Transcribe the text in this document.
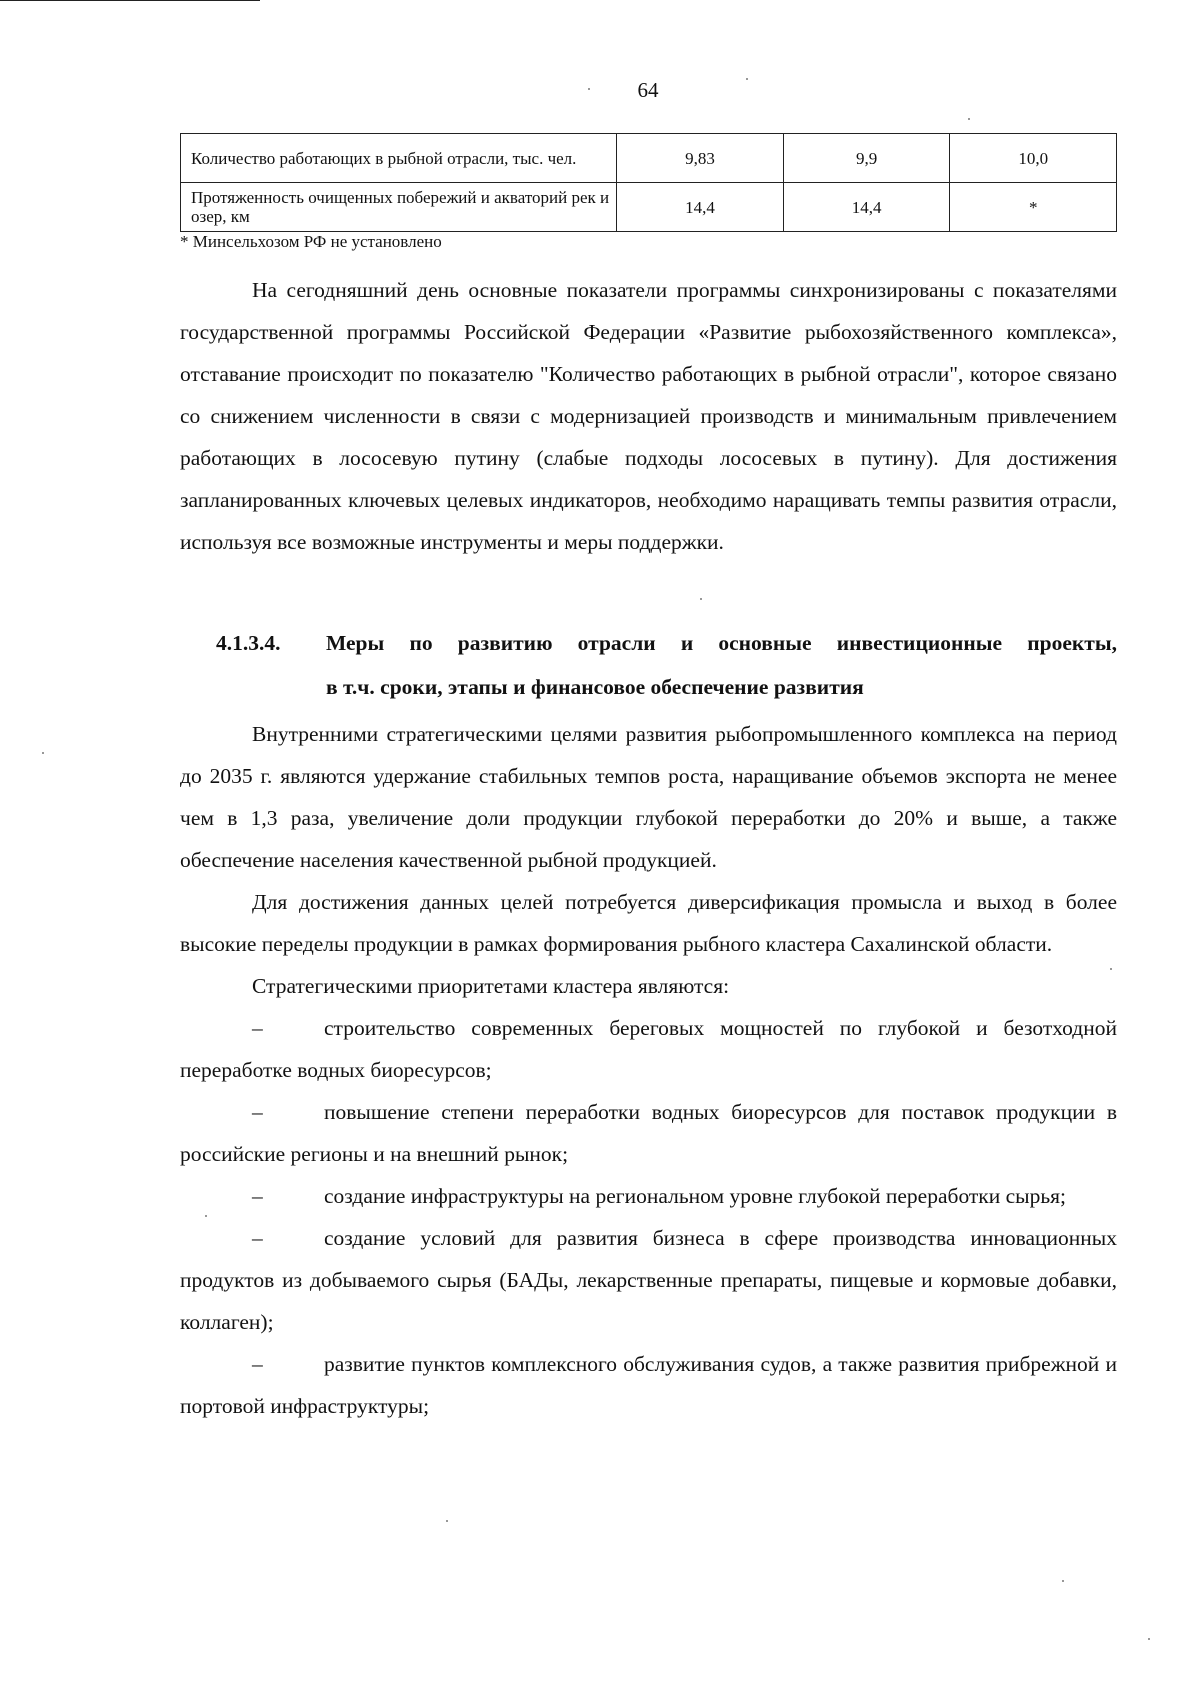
64
Количество работающих в рыбной отрасли, тыс. чел.	9,83	9,9	10,0
Протяженность очищенных побережий и акваторий рек и озер, км	14,4	14,4	*
* Минсельхозом РФ не установлено

На сегодняшний день основные показатели программы синхронизированы с показателями государственной программы Российской Федерации «Развитие рыбохозяйственного комплекса», отставание происходит по показателю "Количество работающих в рыбной отрасли", которое связано со снижением численности в связи с модернизацией производств и минимальным привлечением работающих в лососевую путину (слабые подходы лососевых в путину). Для достижения запланированных ключевых целевых индикаторов, необходимо наращивать темпы развития отрасли, используя все возможные инструменты и меры поддержки.

4.1.3.4.	Меры по развитию отрасли и основные инвестиционные проекты,
в т.ч. сроки, этапы и финансовое обеспечение развития

Внутренними стратегическими целями развития рыбопромышленного комплекса на период до 2035 г. являются удержание стабильных темпов роста, наращивание объемов экспорта не менее чем в 1,3 раза, увеличение доли продукции глубокой переработки до 20% и выше, а также обеспечение населения качественной рыбной продукцией.

Для достижения данных целей потребуется диверсификация промысла и выход в более высокие переделы продукции в рамках формирования рыбного кластера Сахалинской области.

Стратегическими приоритетами кластера являются:

–	строительство современных береговых мощностей по глубокой и безотходной переработке водных биоресурсов;

–	повышение степени переработки водных биоресурсов для поставок продукции в российские регионы и на внешний рынок;

–	создание инфраструктуры на региональном уровне глубокой переработки сырья;

–	создание условий для развития бизнеса в сфере производства инновационных продуктов из добываемого сырья (БАДы, лекарственные препараты, пищевые и кормовые добавки, коллаген);

–	развитие пунктов комплексного обслуживания судов, а также развития прибрежной и портовой инфраструктуры;
